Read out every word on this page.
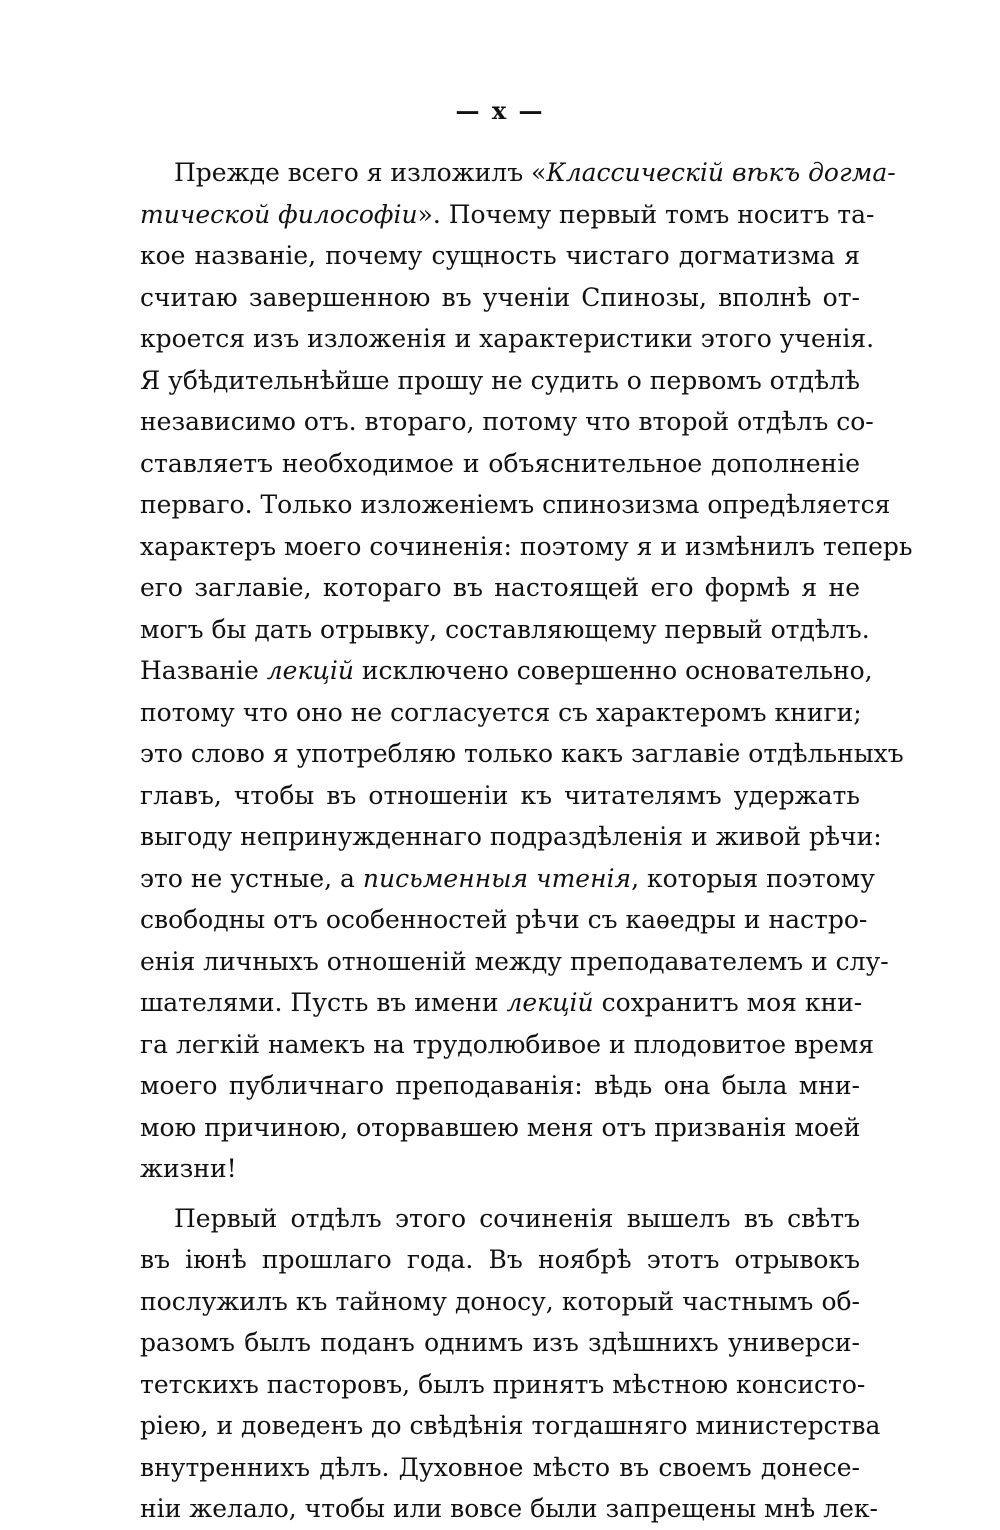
— x —
Прежде всего я изложилъ «Классическій вѣкъ догма-
тической философіи». Почему первый томъ носитъ та-
кое названіе, почему сущность чистаго догматизма я
считаю завершенною въ ученіи Спинозы, вполнѣ от-
кроется изъ изложенія и характеристики этого ученія.
Я убѣдительнѣйше прошу не судить о первомъ отдѣлѣ
независимо отъ. втораго, потому что второй отдѣлъ со-
ставляетъ необходимое и объяснительное дополненіе
перваго. Только изложеніемъ спинозизма опредѣляется
характеръ моего сочиненія: поэтому я и измѣнилъ теперь
его заглавіе, котораго въ настоящей его формѣ я не
могъ бы дать отрывку, составляющему первый отдѣлъ.
Названіе лекцій исключено совершенно основательно,
потому что оно не согласуется съ характеромъ книги;
это слово я употребляю только какъ заглавіе отдѣльныхъ
главъ, чтобы въ отношеніи къ читателямъ удержать
выгоду непринужденнаго подраздѣленія и живой рѣчи:
это не устные, а письменныя чтенія, которыя поэтому
свободны отъ особенностей рѣчи съ каѳедры и настро-
енія личныхъ отношеній между преподавателемъ и слу-
шателями. Пусть въ имени лекцій сохранитъ моя кни-
га легкій намекъ на трудолюбивое и плодовитое время
моего публичнаго преподаванія: вѣдь она была мни-
мою причиною, оторвавшею меня отъ призванія моей
жизни!
Первый отдѣлъ этого сочиненія вышелъ въ свѣтъ
въ іюнѣ прошлаго года. Въ ноябрѣ этотъ отрывокъ
послужилъ къ тайному доносу, который частнымъ об-
разомъ былъ поданъ однимъ изъ здѣшнихъ универси-
тетскихъ пасторовъ, былъ принятъ мѣстною консисто-
ріею, и доведенъ до свѣдѣнія тогдашняго министерства
внутреннихъ дѣлъ. Духовное мѣсто въ своемъ донесе-
ніи желало, чтобы или вовсе были запрещены мнѣ лек-
